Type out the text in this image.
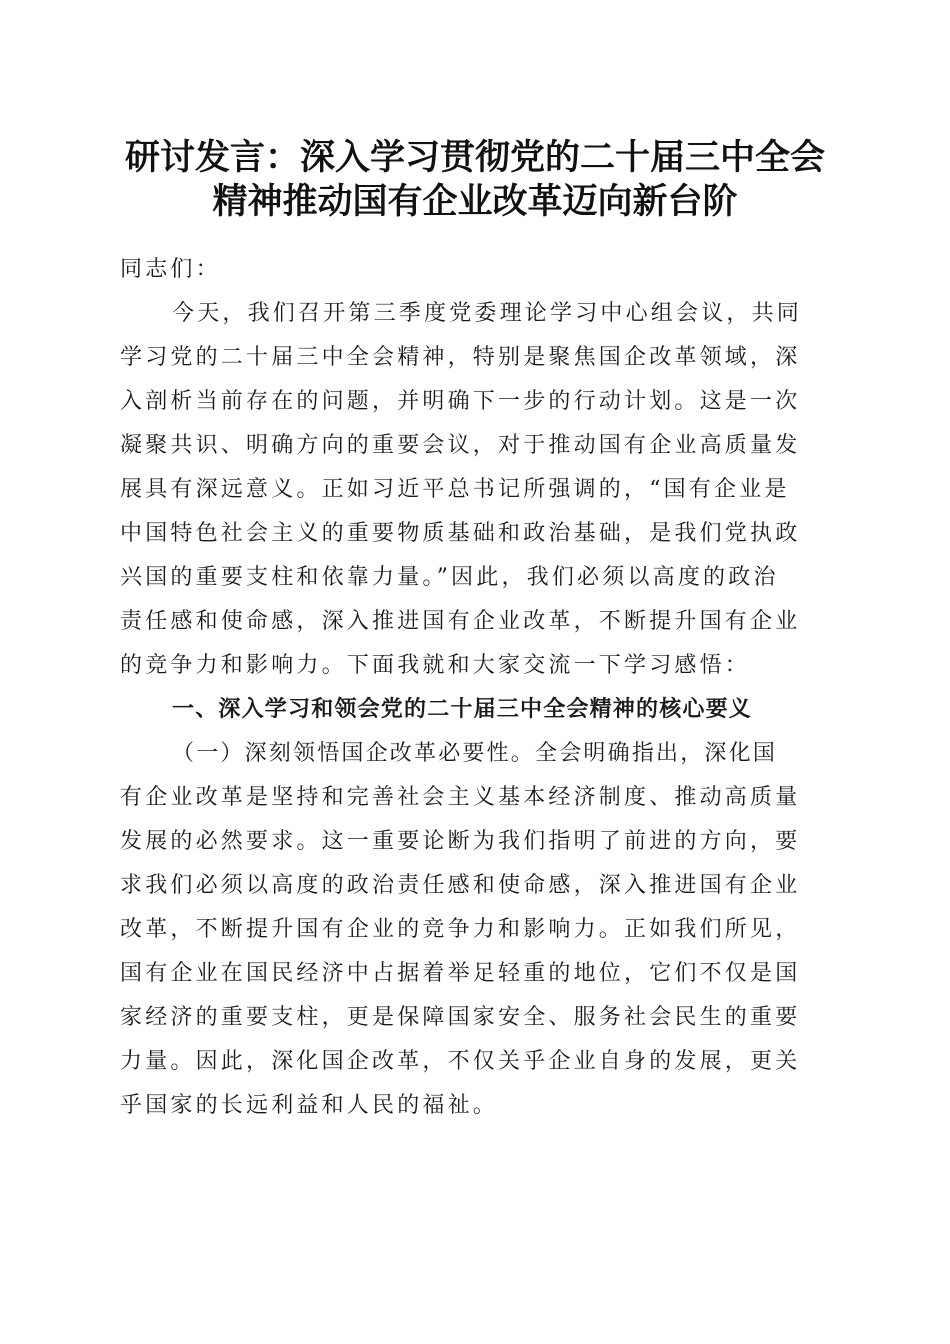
研讨发言：深入学习贯彻党的二十届三中全会
精神推动国有企业改革迈向新台阶
同志们：
今天，我们召开第三季度党委理论学习中心组会议，共同
学习党的二十届三中全会精神，特别是聚焦国企改革领域，深
入剖析当前存在的问题，并明确下一步的行动计划。这是一次
凝聚共识、明确方向的重要会议，对于推动国有企业高质量发
展具有深远意义。正如习近平总书记所强调的，“国有企业是
中国特色社会主义的重要物质基础和政治基础，是我们党执政
兴国的重要支柱和依靠力量。”因此，我们必须以高度的政治
责任感和使命感，深入推进国有企业改革，不断提升国有企业
的竞争力和影响力。下面我就和大家交流一下学习感悟：
一、深入学习和领会党的二十届三中全会精神的核心要义
（一）深刻领悟国企改革必要性。全会明确指出，深化国
有企业改革是坚持和完善社会主义基本经济制度、推动高质量
发展的必然要求。这一重要论断为我们指明了前进的方向，要
求我们必须以高度的政治责任感和使命感，深入推进国有企业
改革，不断提升国有企业的竞争力和影响力。正如我们所见，
国有企业在国民经济中占据着举足轻重的地位，它们不仅是国
家经济的重要支柱，更是保障国家安全、服务社会民生的重要
力量。因此，深化国企改革，不仅关乎企业自身的发展，更关
乎国家的长远利益和人民的福祉。
